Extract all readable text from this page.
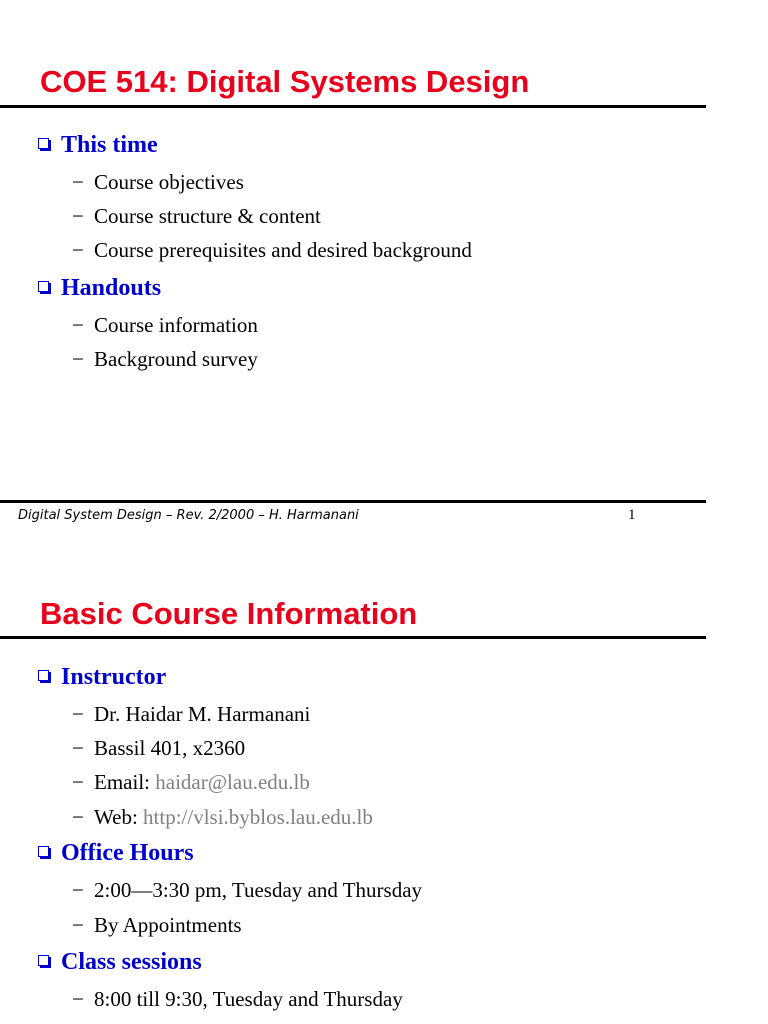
COE 514: Digital Systems Design
This time
− Course objectives
− Course structure & content
− Course prerequisites and desired background
Handouts
− Course information
− Background survey
Digital System Design – Rev. 2/2000 – H. Harmanani	1
Basic Course Information
Instructor
− Dr. Haidar M. Harmanani
− Bassil 401, x2360
− Email: haidar@lau.edu.lb
− Web: http://vlsi.byblos.lau.edu.lb
Office Hours
− 2:00—3:30 pm, Tuesday and Thursday
− By Appointments
Class sessions
− 8:00 till 9:30, Tuesday and Thursday
